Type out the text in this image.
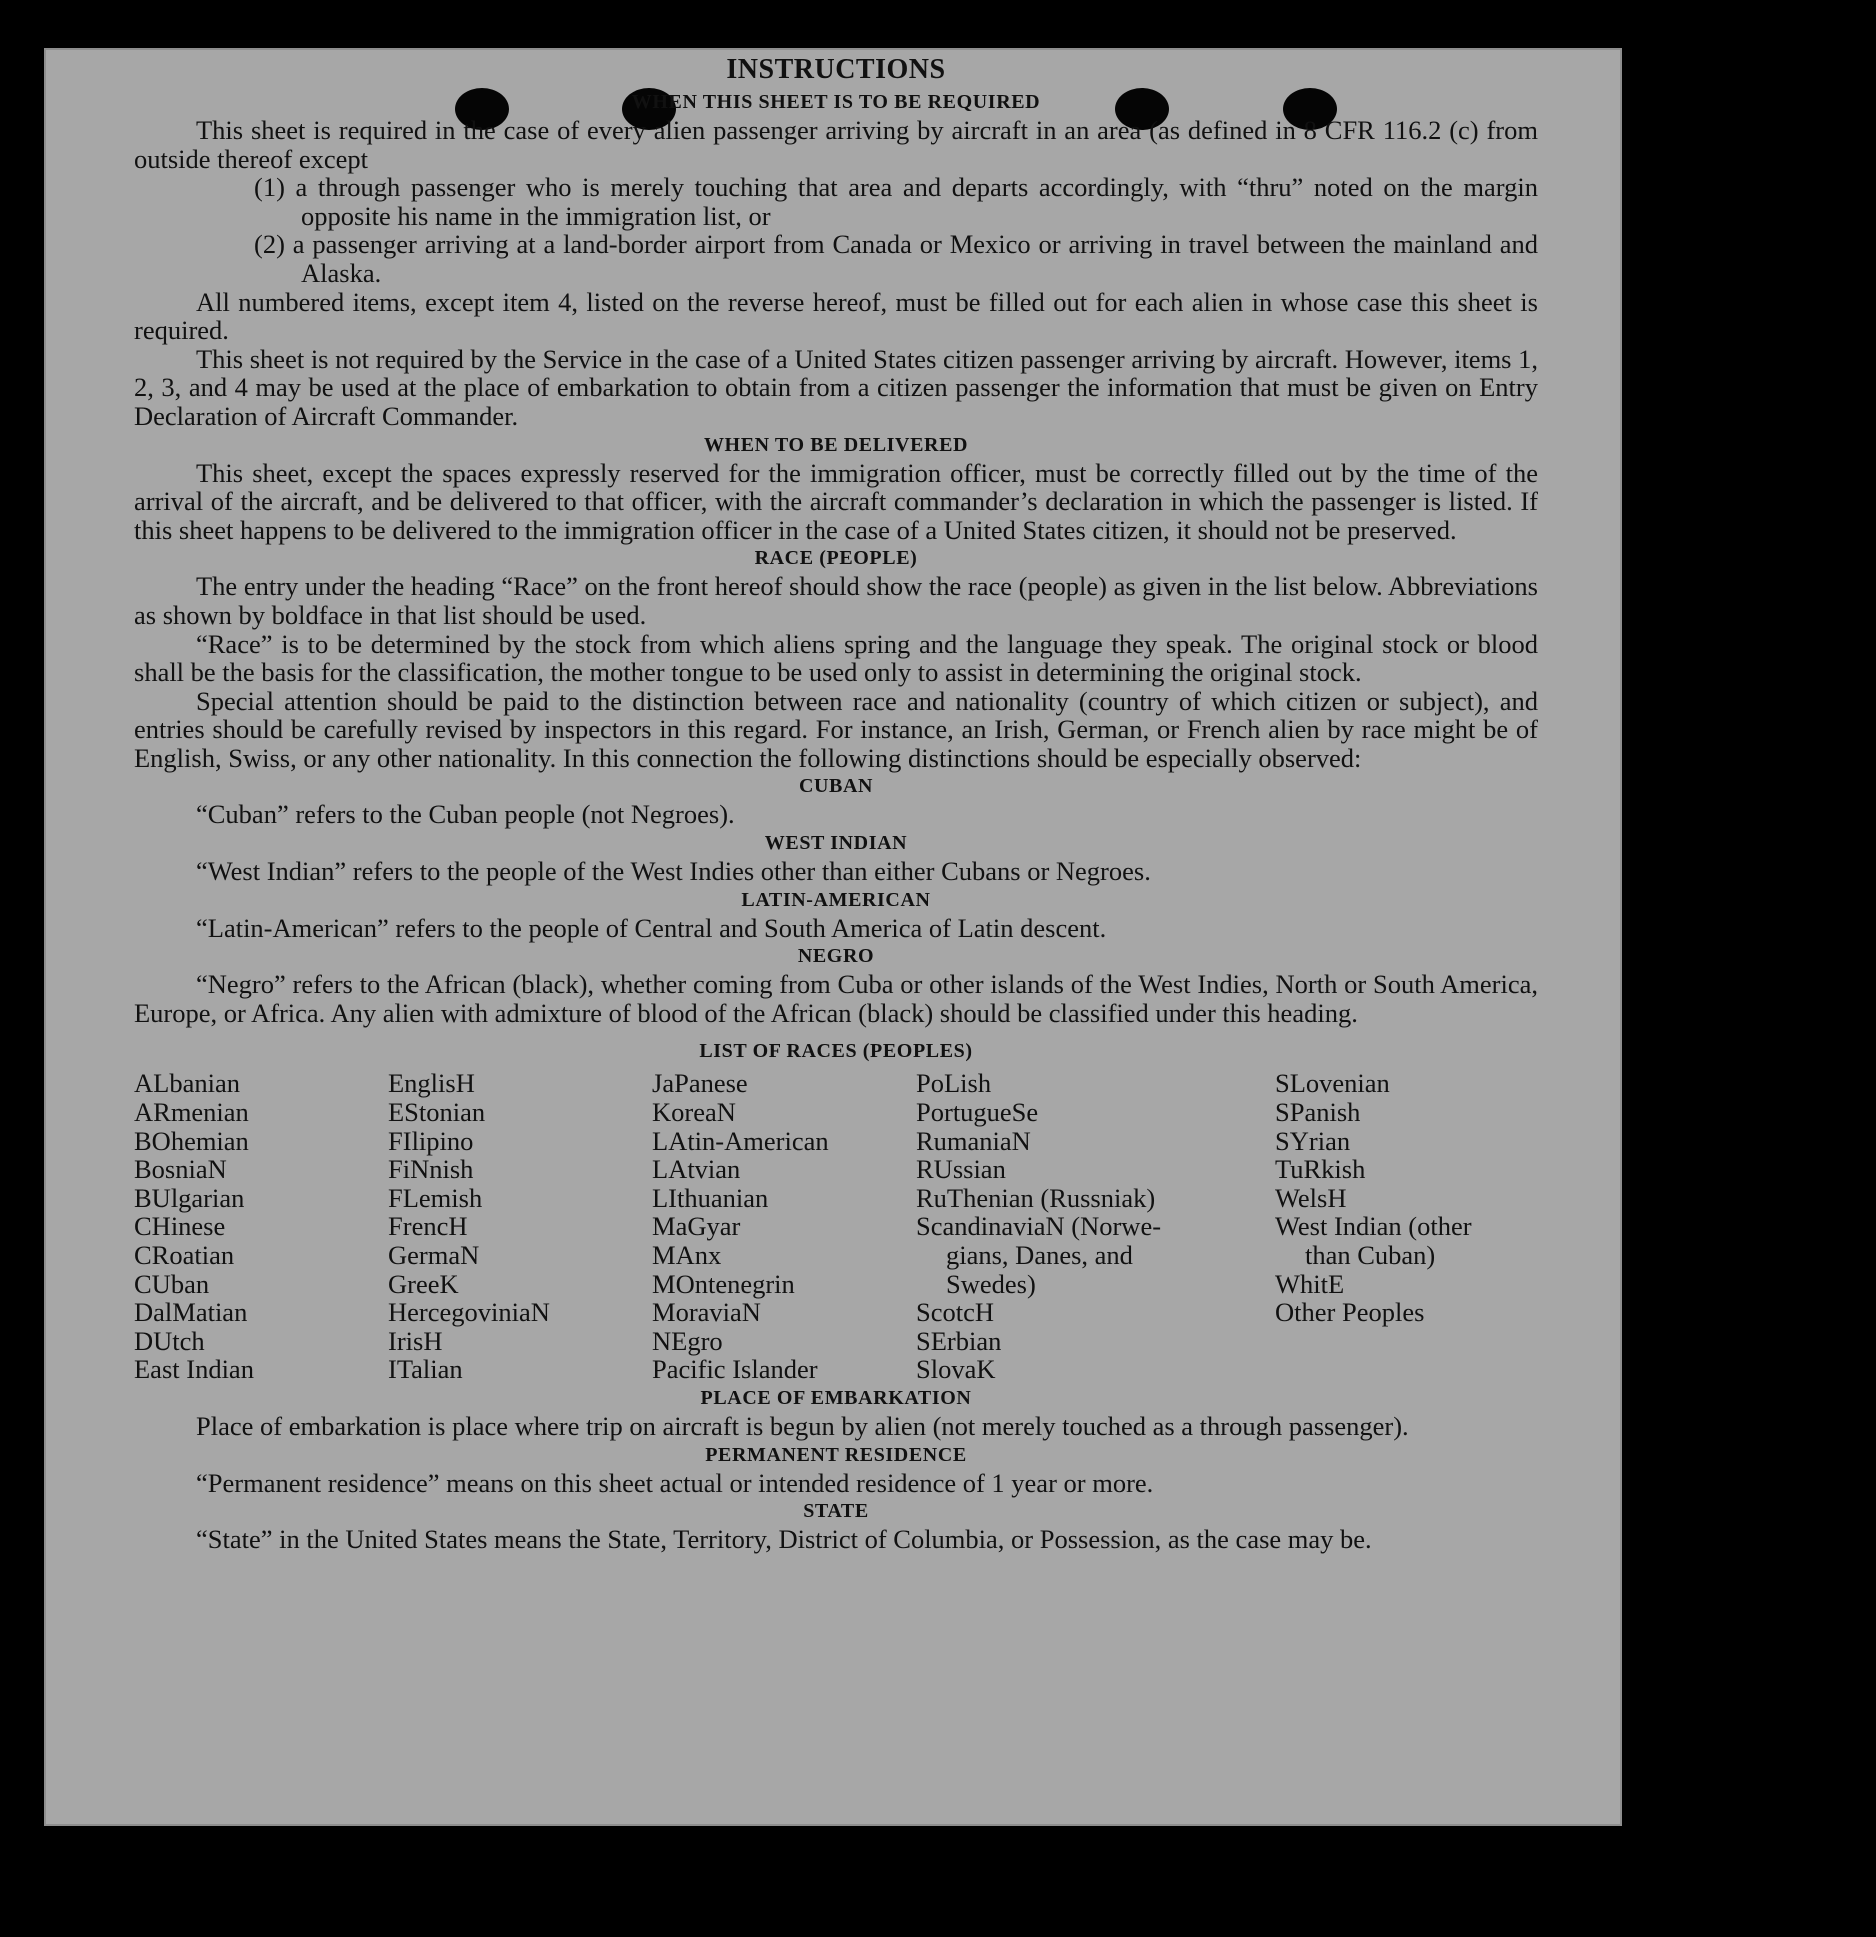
INSTRUCTIONS
WHEN THIS SHEET IS TO BE REQUIRED

This sheet is required in the case of every alien passenger arriving by aircraft in an area (as defined in 8 CFR 116.2 (c) from outside thereof except

(1) a through passenger who is merely touching that area and departs accordingly, with “thru” noted on the margin opposite his name in the immigration list, or

(2) a passenger arriving at a land-border airport from Canada or Mexico or arriving in travel between the mainland and Alaska.

All numbered items, except item 4, listed on the reverse hereof, must be filled out for each alien in whose case this sheet is required.

This sheet is not required by the Service in the case of a United States citizen passenger arriving by aircraft. However, items 1, 2, 3, and 4 may be used at the place of embarkation to obtain from a citizen passenger the information that must be given on Entry Declaration of Aircraft Commander.

WHEN TO BE DELIVERED

This sheet, except the spaces expressly reserved for the immigration officer, must be correctly filled out by the time of the arrival of the aircraft, and be delivered to that officer, with the aircraft commander’s declaration in which the passenger is listed. If this sheet happens to be delivered to the immigration officer in the case of a United States citizen, it should not be preserved.

RACE (PEOPLE)

The entry under the heading “Race” on the front hereof should show the race (people) as given in the list below. Abbreviations as shown by boldface in that list should be used.

“Race” is to be determined by the stock from which aliens spring and the language they speak. The original stock or blood shall be the basis for the classification, the mother tongue to be used only to assist in determining the original stock.

Special attention should be paid to the distinction between race and nationality (country of which citizen or subject), and entries should be carefully revised by inspectors in this regard. For instance, an Irish, German, or French alien by race might be of English, Swiss, or any other nationality. In this connection the following distinctions should be especially observed:

CUBAN

“Cuban” refers to the Cuban people (not Negroes).

WEST INDIAN

“West Indian” refers to the people of the West Indies other than either Cubans or Negroes.

LATIN-AMERICAN

“Latin-American” refers to the people of Central and South America of Latin descent.

NEGRO

“Negro” refers to the African (black), whether coming from Cuba or other islands of the West Indies, North or South America, Europe, or Africa. Any alien with admixture of blood of the African (black) should be classified under this heading.

LIST OF RACES (PEOPLES)
ALbanian
ARmenian
BOhemian
BosniaN
BUlgarian
CHinese
CRoatian
CUban
DalMatian
DUtch
East Indian
EnglisH
EStonian
FIlipino
FiNnish
FLemish
FrencH
GermaN
GreeK
HercegoviniaN
IrisH
ITalian
JaPanese
KoreaN
LAtin-American
LAtvian
LIthuanian
MaGyar
MAnx
MOntenegrin
MoraviaN
NEgro
Pacific Islander
PoLish
PortugueSe
RumaniaN
RUssian
RuThenian (Russniak)
ScandinaviaN (Norwe-
gians, Danes, and
Swedes)
ScotcH
SErbian
SlovaK
SLovenian
SPanish
SYrian
TuRkish
WelsH
West Indian (other
than Cuban)
WhitE
Other Peoples
PLACE OF EMBARKATION

Place of embarkation is place where trip on aircraft is begun by alien (not merely touched as a through passenger).

PERMANENT RESIDENCE

“Permanent residence” means on this sheet actual or intended residence of 1 year or more.

STATE

“State” in the United States means the State, Territory, District of Columbia, or Possession, as the case may be.
